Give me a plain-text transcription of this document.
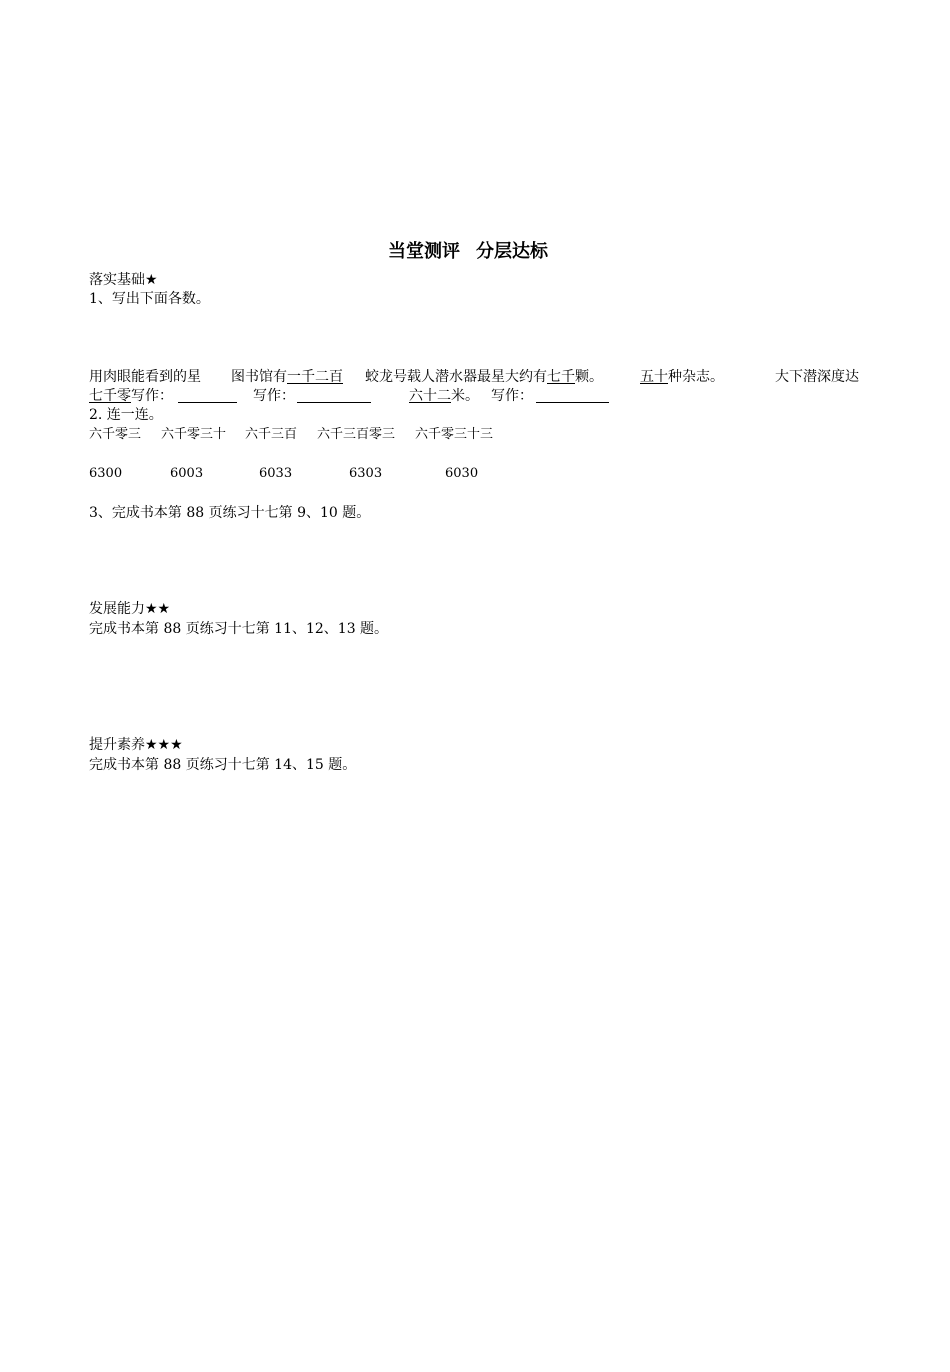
当堂测评 分层达标
落实基础★
1、写出下面各数。
用肉眼能看到的星 图书馆有一千二百 蛟龙号载人潜水器最星大约有七千颗。	五十种杂志。	大下潜深度达
七千零写作：	写作：	六十二米。 写作：
2. 连一连。
六千零三 六千零三十 六千三百 六千三百零三 六千零三十三
6300	6003	6033	6303	6030
3、完成书本第 88 页练习十七第 9、10 题。
发展能力★★
完成书本第 88 页练习十七第 11、12、13 题。
提升素养★★★
完成书本第 88 页练习十七第 14、15 题。
